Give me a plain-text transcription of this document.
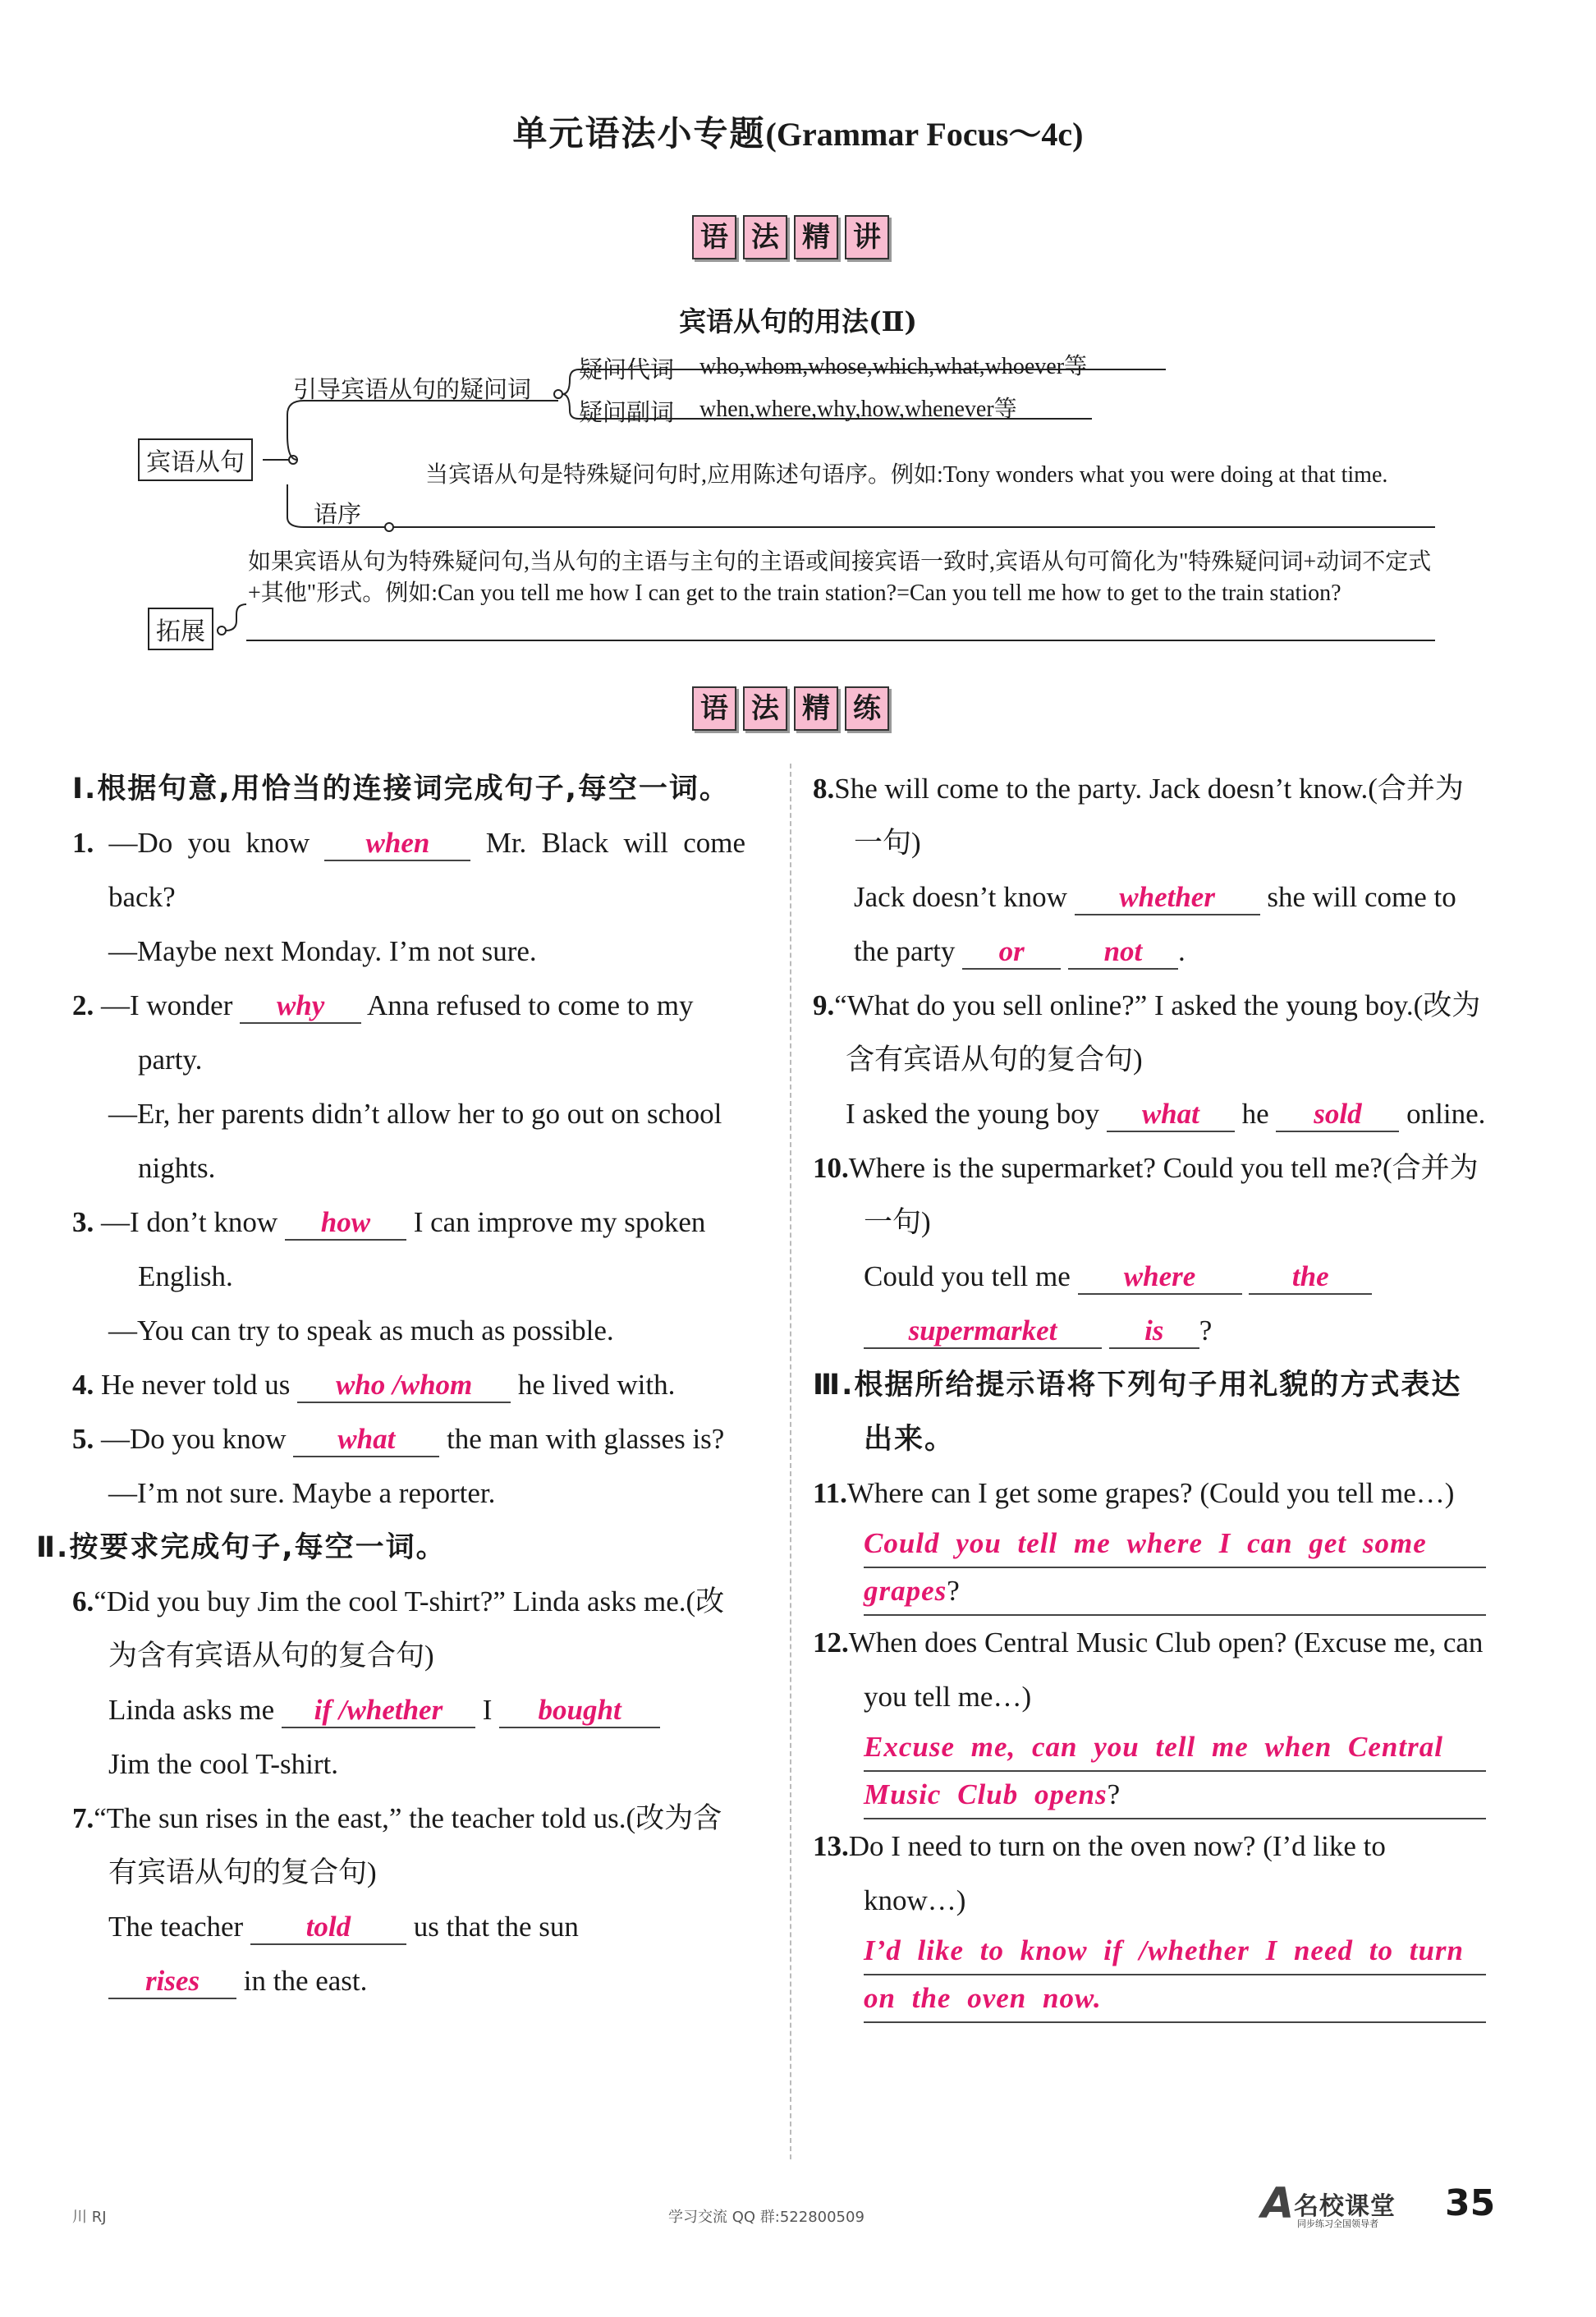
单元语法小专题(Grammar Focus～4c)
语 法 精 讲
宾语从句的用法(Ⅱ)
宾语从句
引导宾语从句的疑问词
疑问代词 who,whom,whose,which,what,whoever等
疑问副词 when,where,why,how,whenever等
语序
当宾语从句是特殊疑问句时,应用陈述句语序。例如:Tony wonders what you were doing at that time.
拓展
如果宾语从句为特殊疑问句,当从句的主语与主句的主语或间接宾语一致时,宾语从句可简化为"特殊疑问词+动词不定式+其他"形式。例如:Can you tell me how I can get to the train station?=Can you tell me how to get to the train station?
语 法 精 练
Ⅰ.根据句意,用恰当的连接词完成句子,每空一词。
1. —Do you know when Mr. Black will come back?
—Maybe next Monday. I’m not sure.
2. —I wonder why Anna refused to come to my party.
—Er, her parents didn’t allow her to go out on school nights.
3. —I don’t know how I can improve my spoken English.
—You can try to speak as much as possible.
4. He never told us who /whom he lived with.
5. —Do you know what the man with glasses is?
—I’m not sure. Maybe a reporter.
Ⅱ.按要求完成句子,每空一词。
6.“Did you buy Jim the cool T-shirt?” Linda asks me.(改为含有宾语从句的复合句)
Linda asks me if /whether I bought
Jim the cool T-shirt.
7.“The sun rises in the east,” the teacher told us.(改为含有宾语从句的复合句)
The teacher told us that the sun
rises in the east.
8.She will come to the party. Jack doesn’t know.(合并为一句)
Jack doesn’t know whether she will come to the party or	not .
9.“What do you sell online?” I asked the young boy.(改为含有宾语从句的复合句)
I asked the young boy what he sold online.
10.Where is the supermarket? Could you tell me?(合并为一句)
Could you tell me where	the
supermarket	is ?
Ⅲ.根据所给提示语将下列句子用礼貌的方式表达出来。
11.Where can I get some grapes? (Could you tell me…)
Could you tell me where I can get some
grapes?
12.When does Central Music Club open? (Excuse me, can you tell me…)
Excuse me, can you tell me when Central
Music Club opens?
13.Do I need to turn on the oven now? (I’d like to know…)
I’d like to know if /whether I need to turn
on the oven now.
川 RJ	学习交流 QQ 群:522800509	A 名校课堂
同步练习全国领导者 35
